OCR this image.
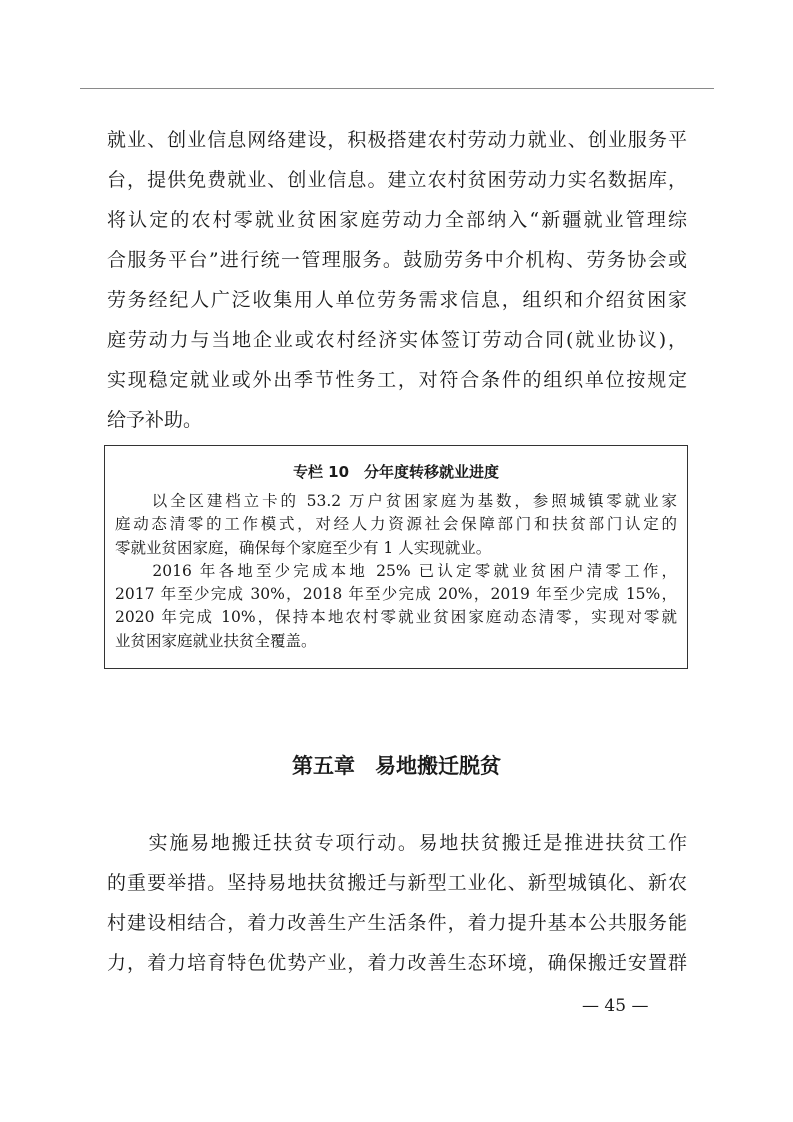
就业、创业信息网络建设，积极搭建农村劳动力就业、创业服务平
台，提供免费就业、创业信息。建立农村贫困劳动力实名数据库，
将认定的农村零就业贫困家庭劳动力全部纳入“新疆就业管理综
合服务平台”进行统一管理服务。鼓励劳务中介机构、劳务协会或
劳务经纪人广泛收集用人单位劳务需求信息，组织和介绍贫困家
庭劳动力与当地企业或农村经济实体签订劳动合同(就业协议)，
实现稳定就业或外出季节性务工，对符合条件的组织单位按规定
给予补助。
专栏 10　分年度转移就业进度
　　以全区建档立卡的 53.2 万户贫困家庭为基数，参照城镇零就业家
庭动态清零的工作模式，对经人力资源社会保障部门和扶贫部门认定的
零就业贫困家庭，确保每个家庭至少有 1 人实现就业。
　　2016 年各地至少完成本地 25% 已认定零就业贫困户清零工作，
2017 年至少完成 30%，2018 年至少完成 20%，2019 年至少完成 15%，
2020 年完成 10%，保持本地农村零就业贫困家庭动态清零，实现对零就
业贫困家庭就业扶贫全覆盖。
第五章 易地搬迁脱贫
　　实施易地搬迁扶贫专项行动。易地扶贫搬迁是推进扶贫工作
的重要举措。坚持易地扶贫搬迁与新型工业化、新型城镇化、新农
村建设相结合，着力改善生产生活条件，着力提升基本公共服务能
力，着力培育特色优势产业，着力改善生态环境，确保搬迁安置群
— 45 —
